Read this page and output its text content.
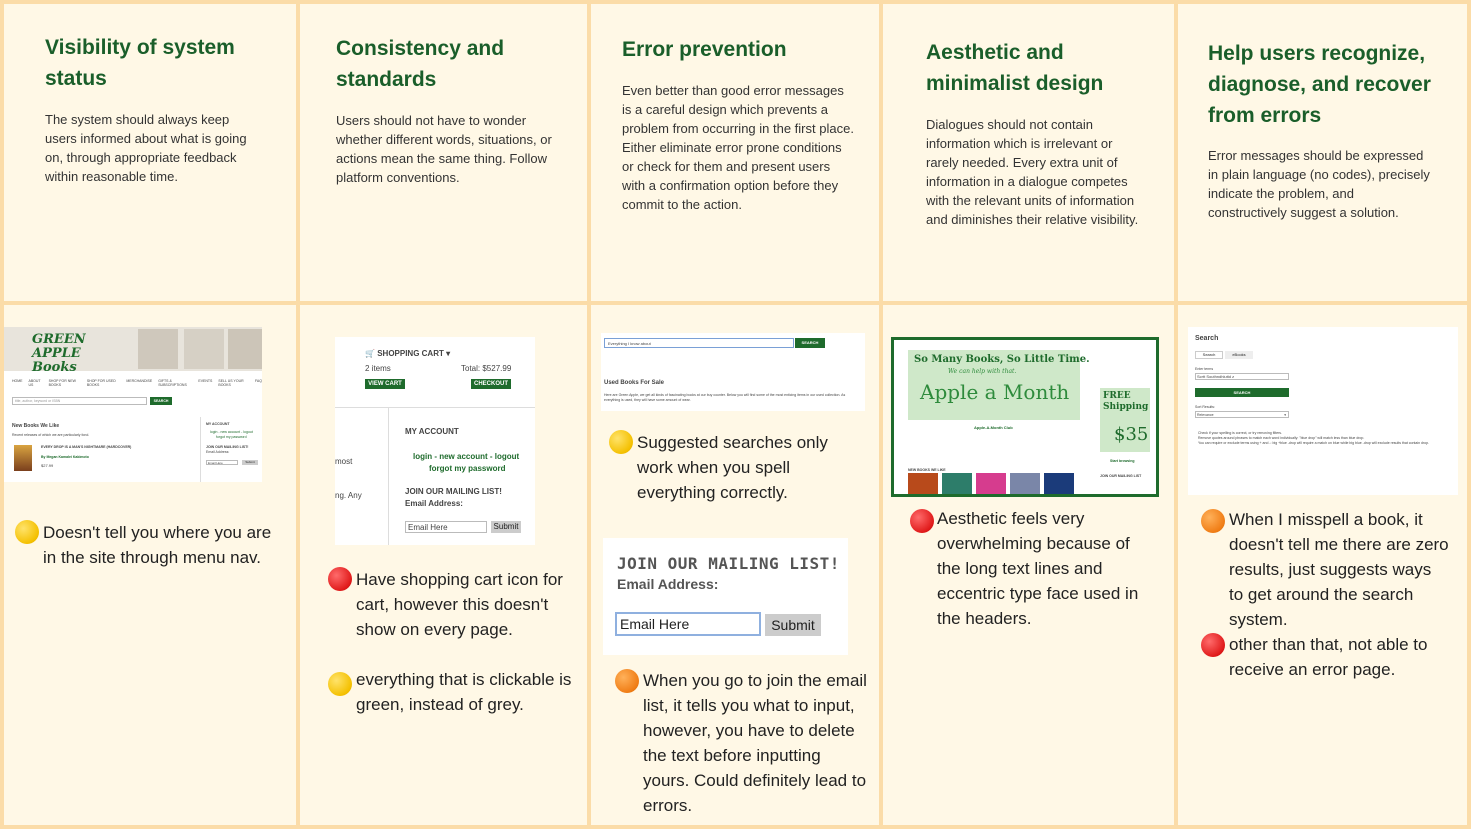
Visibility of system status
The system should always keep users informed about what is going on, through appropriate feedback within reasonable time.
Consistency and standards
Users should not have to wonder whether different words, situations, or actions mean the same thing. Follow platform conventions.
Error prevention
Even better than good error messages is a careful design which prevents a problem from occurring in the first place. Either eliminate error prone conditions or check for them and present users with a confirmation option before they commit to the action.
Aesthetic and minimalist design
Dialogues should not contain information which is irrelevant or rarely needed. Every extra unit of information in a dialogue competes with the relevant units of information and diminishes their relative visibility.
Help users recognize, diagnose, and recover from errors
Error messages should be expressed in plain language (no codes), precisely indicate the problem, and constructively suggest a solution.
GREEN APPLE Books
HOME ABOUT US
SHOP FOR NEW BOOKS
SHOP FOR USED BOOKS
MERCHANDISE GIFTS & SUBSCRIPTIONS
EVENTS SELL US YOUR BOOKS
FAQ
title, author, keyword or ISBN	SEARCH
New Books We Like
Recent releases of which we are particularly fond.
EVERY DROP IS A MAN'S NIGHTMARE (HARDCOVER)
By Megan Kamalei Kakimoto
$27.99
MY ACCOUNT
login - new account - logout
forgot my password
JOIN OUR MAILING LIST!
Email Address:
Email Here	Submit
Doesn't tell you where you are in the site through menu nav.
🛒 SHOPPING CART ▾
2 items	Total: $527.99
VIEW CART	CHECKOUT
most
ng. Any
MY ACCOUNT
login - new account - logout
forgot my password
JOIN OUR MAILING LIST!
Email Address:
Email Here	Submit
Have shopping cart icon for cart, however this doesn't show on every page.
everything that is clickable is green, instead of grey.
Everything I know about	SEARCH
Used Books For Sale
Here are Green Apple, we get all kinds of fascinating books at our buy counter. Below you will find some of the most enticing items in our used collection. As everything is used, they will have some amount of wear.
Suggested searches only work when you spell everything correctly.
JOIN OUR MAILING LIST!
Email Address:
Email Here	Submit
When you go to join the email list, it tells you what to input, however, you have to delete the text before inputting yours. Could definitely lead to errors.
So Many Books, So Little Time.
We can help with that.
Apple a Month
Apple-A-Month Club
FREE Shipping
$35
NEW BOOKS WE LIKE
JOIN OUR MAILING LIST
Start browsing
Aesthetic feels very overwhelming because of the long text lines and eccentric type face used in the headers.
Search
Search	eBooks
Enter terms
Scrtt Southndhluttd z
SEARCH
Sort Results:
Relevance	▾
Check if your spelling is correct, or try removing filters.
Remove quotes around phrases to match each word individually: "blue drop" will match less than blue drop.
You can require or exclude terms using + and -: big +blue -drop will require a match on blue while big blue -drop will exclude results that contain drop.
When I misspell a book, it doesn't tell me there are zero results, just suggests ways to get around the search system.
other than that, not able to receive an error page.
